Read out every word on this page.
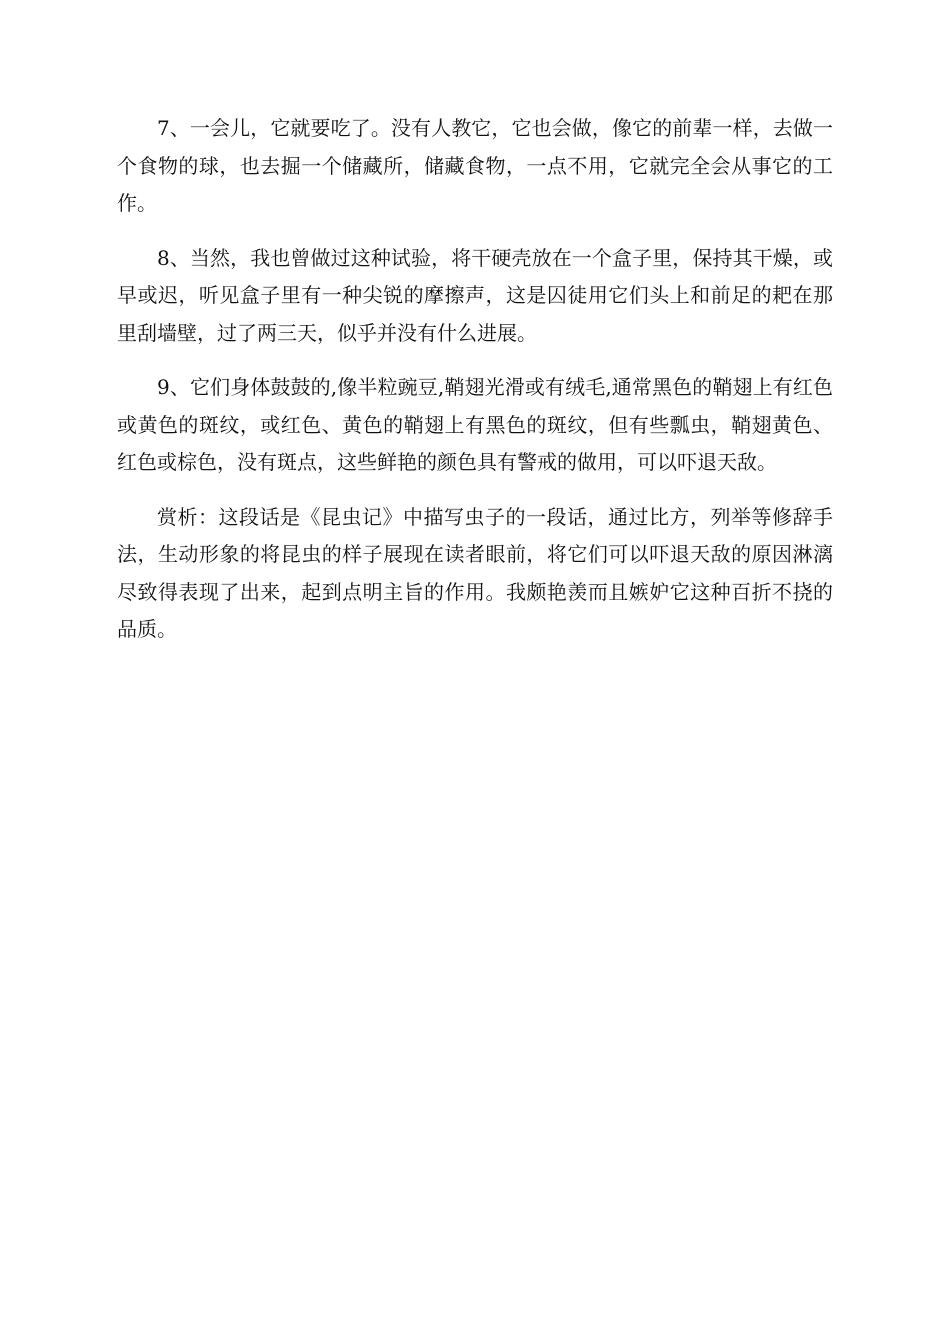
7、一会儿，它就要吃了。没有人教它，它也会做，像它的前辈一样，去做一个食物的球，也去掘一个储藏所，储藏食物，一点不用，它就完全会从事它的工作。

8、当然，我也曾做过这种试验，将干硬壳放在一个盒子里，保持其干燥，或早或迟，听见盒子里有一种尖锐的摩擦声，这是囚徒用它们头上和前足的耙在那里刮墙壁，过了两三天，似乎并没有什么进展。

9、它们身体鼓鼓的,像半粒豌豆,鞘翅光滑或有绒毛,通常黑色的鞘翅上有红色或黄色的斑纹，或红色、黄色的鞘翅上有黑色的斑纹，但有些瓢虫，鞘翅黄色、红色或棕色，没有斑点，这些鲜艳的颜色具有警戒的做用，可以吓退天敌。

赏析：这段话是《昆虫记》中描写虫子的一段话，通过比方，列举等修辞手法，生动形象的将昆虫的样子展现在读者眼前，将它们可以吓退天敌的原因淋漓尽致得表现了出来，起到点明主旨的作用。我颇艳羡而且嫉妒它这种百折不挠的品质。
